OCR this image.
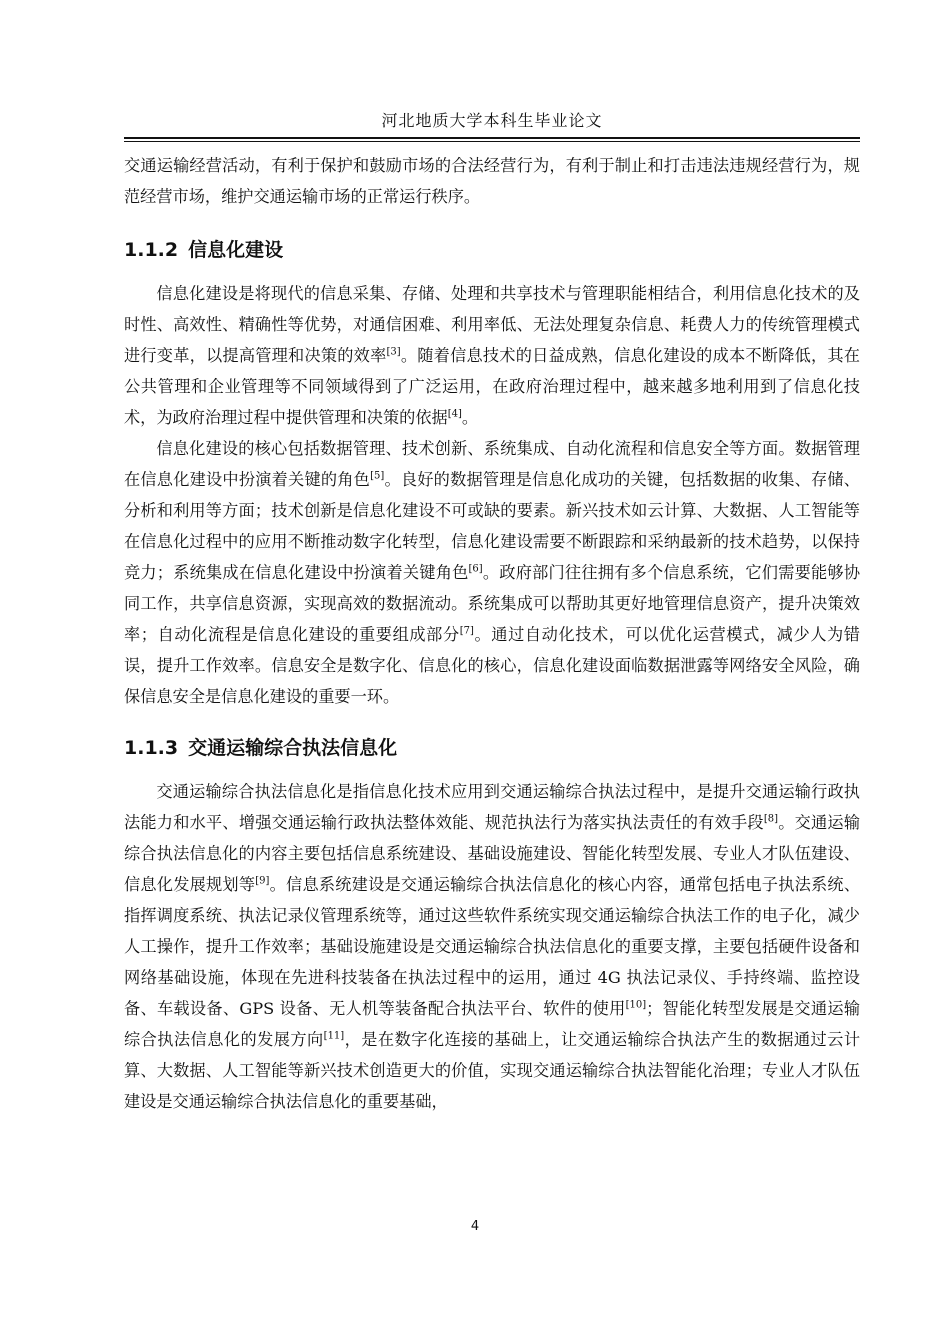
河北地质大学本科生毕业论文

交通运输经营活动，有利于保护和鼓励市场的合法经营行为，有利于制止和打击违法违规经营行为，规范经营市场，维护交通运输市场的正常运行秩序。

1.1.2 信息化建设

信息化建设是将现代的信息采集、存储、处理和共享技术与管理职能相结合，利用信息化技术的及时性、高效性、精确性等优势，对通信困难、利用率低、无法处理复杂信息、耗费人力的传统管理模式进行变革，以提高管理和决策的效率[3]。随着信息技术的日益成熟，信息化建设的成本不断降低，其在公共管理和企业管理等不同领域得到了广泛运用，在政府治理过程中，越来越多地利用到了信息化技术，为政府治理过程中提供管理和决策的依据[4]。

信息化建设的核心包括数据管理、技术创新、系统集成、自动化流程和信息安全等方面。数据管理在信息化建设中扮演着关键的角色[5]。良好的数据管理是信息化成功的关键，包括数据的收集、存储、分析和利用等方面；技术创新是信息化建设不可或缺的要素。新兴技术如云计算、大数据、人工智能等在信息化过程中的应用不断推动数字化转型，信息化建设需要不断跟踪和采纳最新的技术趋势，以保持竞力；系统集成在信息化建设中扮演着关键角色[6]。政府部门往往拥有多个信息系统，它们需要能够协同工作，共享信息资源，实现高效的数据流动。系统集成可以帮助其更好地管理信息资产，提升决策效率；自动化流程是信息化建设的重要组成部分[7]。通过自动化技术，可以优化运营模式，减少人为错误，提升工作效率。信息安全是数字化、信息化的核心，信息化建设面临数据泄露等网络安全风险，确保信息安全是信息化建设的重要一环。

1.1.3 交通运输综合执法信息化

交通运输综合执法信息化是指信息化技术应用到交通运输综合执法过程中，是提升交通运输行政执法能力和水平、增强交通运输行政执法整体效能、规范执法行为落实执法责任的有效手段[8]。交通运输综合执法信息化的内容主要包括信息系统建设、基础设施建设、智能化转型发展、专业人才队伍建设、信息化发展规划等[9]。信息系统建设是交通运输综合执法信息化的核心内容，通常包括电子执法系统、指挥调度系统、执法记录仪管理系统等，通过这些软件系统实现交通运输综合执法工作的电子化，减少人工操作，提升工作效率；基础设施建设是交通运输综合执法信息化的重要支撑，主要包括硬件设备和网络基础设施，体现在先进科技装备在执法过程中的运用，通过 4G 执法记录仪、手持终端、监控设备、车载设备、GPS 设备、无人机等装备配合执法平台、软件的使用[10]；智能化转型发展是交通运输综合执法信息化的发展方向[11]，是在数字化连接的基础上，让交通运输综合执法产生的数据通过云计算、大数据、人工智能等新兴技术创造更大的价值，实现交通运输综合执法智能化治理；专业人才队伍建设是交通运输综合执法信息化的重要基础，

4
